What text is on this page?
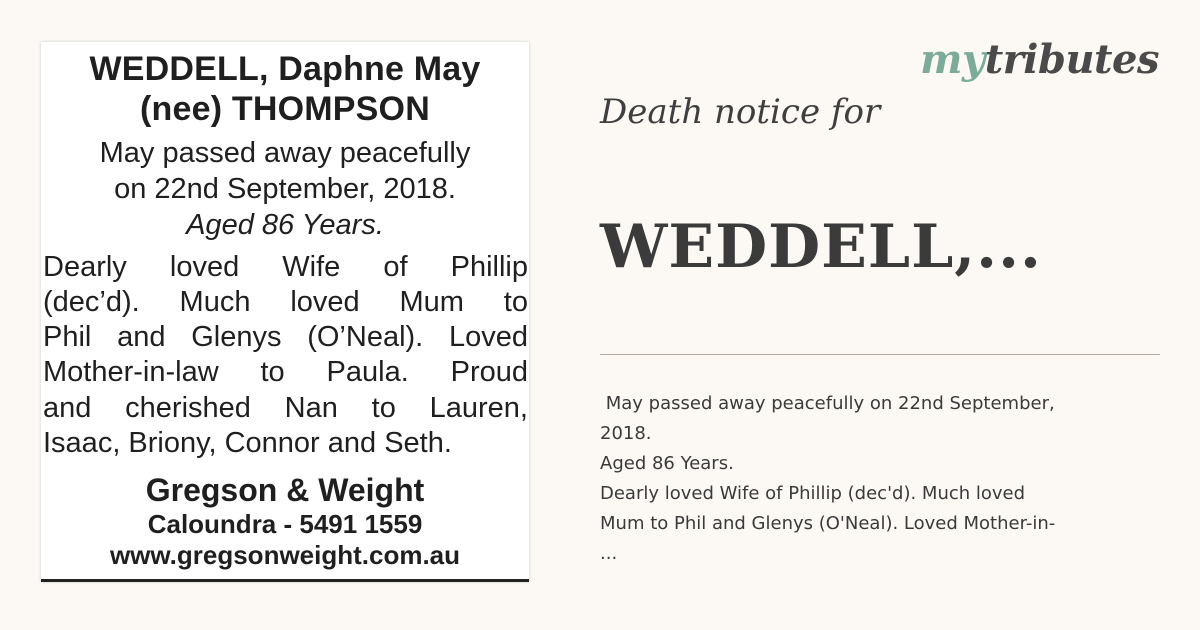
WEDDELL, Daphne May
(nee) THOMPSON
May passed away peacefully
on 22nd September, 2018.
Aged 86 Years.
Dearly loved Wife of Phillip
(dec’d). Much loved Mum to
Phil and Glenys (O’Neal). Loved
Mother-in-law to Paula. Proud
and cherished Nan to Lauren,
Isaac, Briony, Connor and Seth.
Gregson & Weight
Caloundra - 5491 1559
www.gregsonweight.com.au
mytributes
Death notice for
WEDDELL,...
May passed away peacefully on 22nd September,
2018.
Aged 86 Years.
Dearly loved Wife of Phillip (dec'd). Much loved
Mum to Phil and Glenys (O'Neal). Loved Mother-in-
...
